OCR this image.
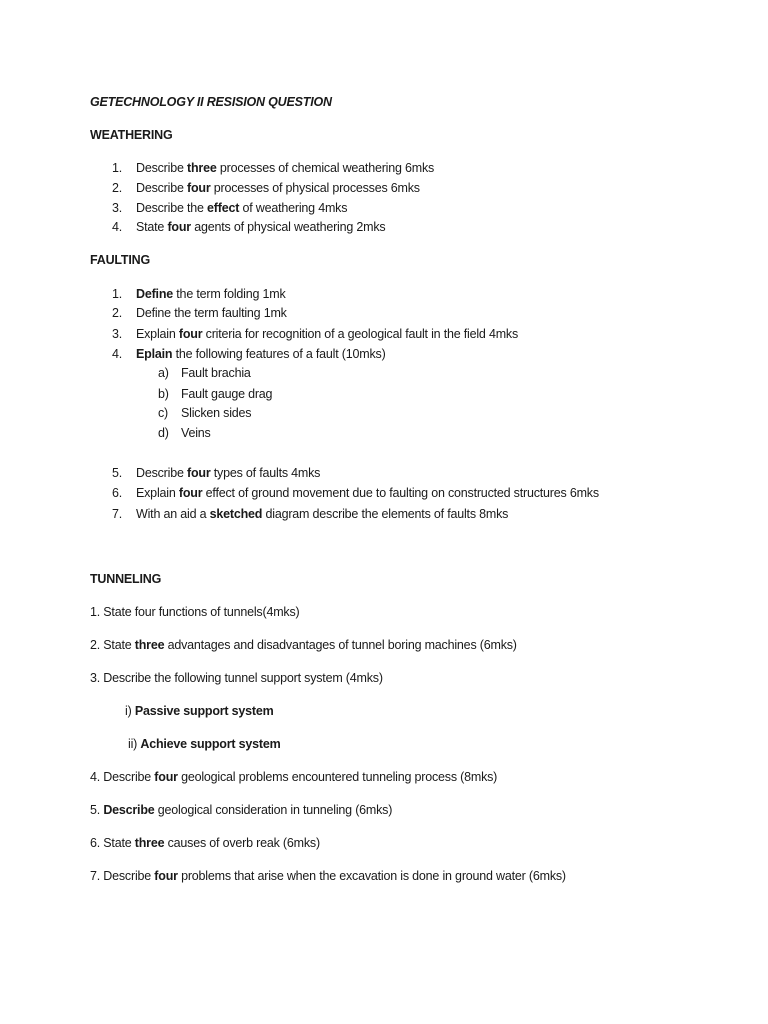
GETECHNOLOGY II RESISION QUESTION
WEATHERING
1. Describe three processes of chemical weathering 6mks
2. Describe four processes of physical processes 6mks
3. Describe the effect of weathering 4mks
4. State four agents of physical weathering 2mks
FAULTING
1. Define the term folding 1mk
2. Define the term faulting 1mk
3. Explain four criteria for recognition of a geological fault in the field 4mks
4. Eplain the following features of a fault (10mks)
a) Fault brachia
b) Fault gauge drag
c) Slicken sides
d) Veins
5. Describe four types of faults 4mks
6. Explain four effect of ground movement due to faulting on constructed structures 6mks
7. With an aid a sketched diagram describe the elements of faults 8mks
TUNNELING
1. State four functions of tunnels(4mks)
2. State three advantages and disadvantages of tunnel boring machines (6mks)
3. Describe the following tunnel support system (4mks)
i) Passive support system
ii) Achieve support system
4. Describe four geological problems encountered tunneling process (8mks)
5. Describe geological consideration in tunneling (6mks)
6. State three causes of overb reak (6mks)
7. Describe four problems that arise when the excavation is done in ground water (6mks)
